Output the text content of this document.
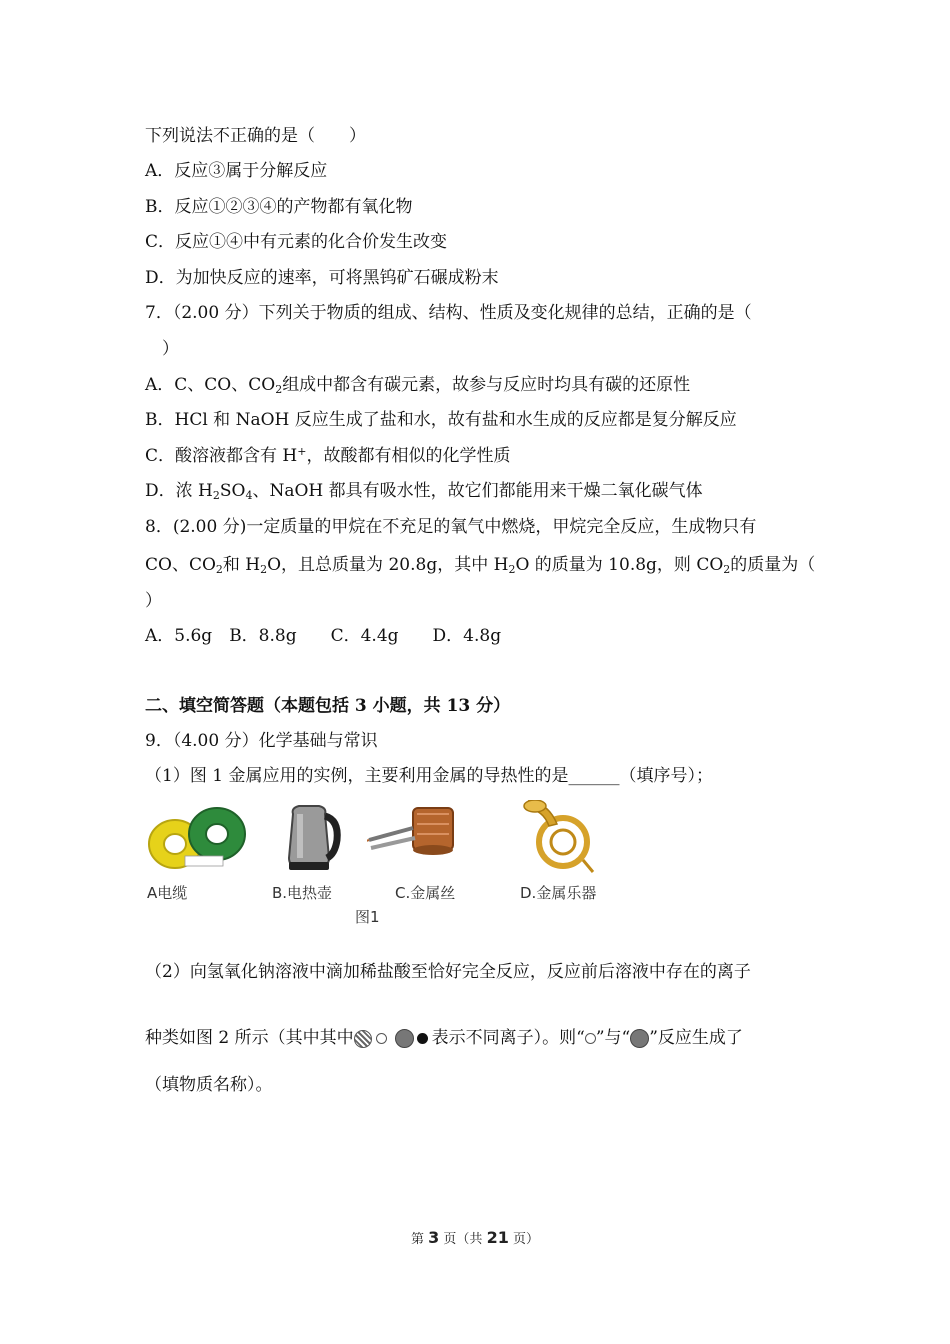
下列说法不正确的是（　　）
A．反应③属于分解反应
B．反应①②③④的产物都有氧化物
C．反应①④中有元素的化合价发生改变
D．为加快反应的速率，可将黑钨矿石碾成粉末
7．（2.00 分）下列关于物质的组成、结构、性质及变化规律的总结，正确的是（
）
A．C、CO、$CO_2$组成中都含有碳元素，故参与反应时均具有碳的还原性
B．HCl 和 NaOH 反应生成了盐和水，故有盐和水生成的反应都是复分解反应
C．酸溶液都含有 H+，故酸都有相似的化学性质
D．浓 $H_2SO_4$、NaOH 都具有吸水性，故它们都能用来干燥二氧化碳气体
8．(2.00 分)一定质量的甲烷在不充足的氧气中燃烧，甲烷完全反应，生成物只有
CO、$CO_2$和 $H_2O$，且总质量为 20.8g，其中 $H_2O$ 的质量为 10.8g，则 $CO_2$的质量为（
）
A．5.6g　B．8.8g　　C．4.4g　　D．4.8g
二、填空简答题（本题包括 3 小题，共 13 分）
9．（4.00 分）化学基础与常识
（1）图 1 金属应用的实例，主要利用金属的导热性的是______（填序号）；
A电缆	B.电热壶	C.金属丝	D.金属乐器
图1
（2）向氢氧化钠溶液中滴加稀盐酸至恰好完全反应，反应前后溶液中存在的离子
种类如图 2 所示（其中其中	表示不同离子）。则“ ”与“ ”反应生成了
（填物质名称）。
第 3 页（共 21 页）
